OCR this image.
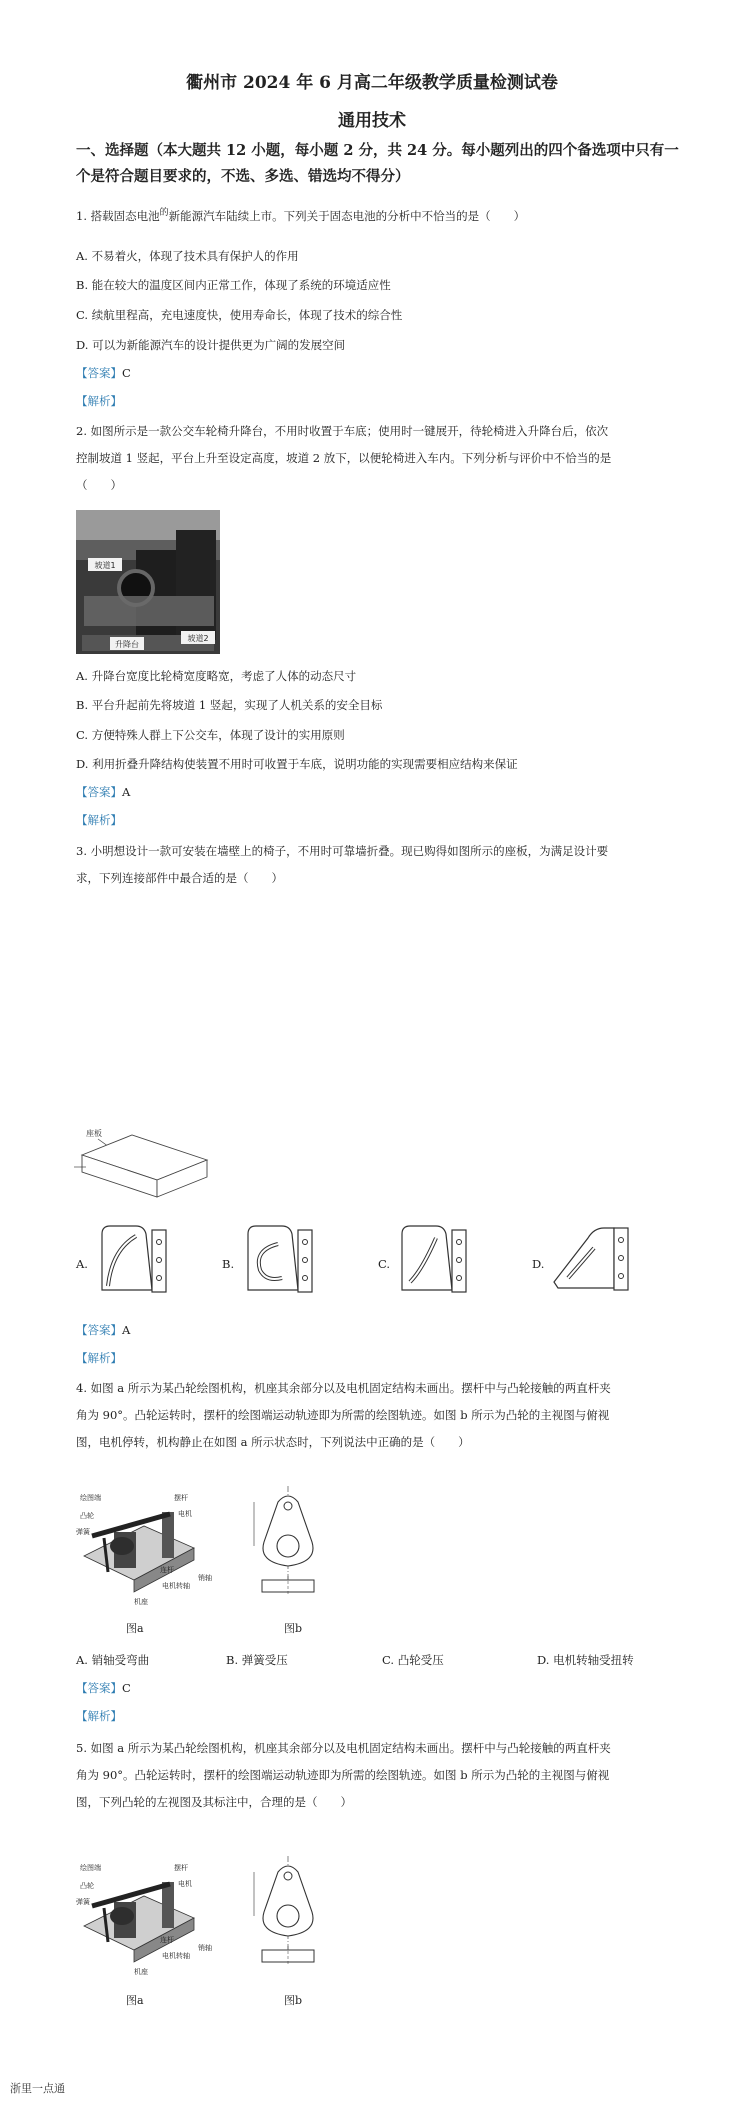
衢州市 2024 年 6 月高二年级教学质量检测试卷
通用技术
一、选择题（本大题共 12 小题，每小题 2 分，共 24 分。每小题列出的四个备选项中只有一
个是符合题目要求的，不选、多选、错选均不得分）
1. 搭载固态电池$^的$新能源汽车陆续上市。下列关于固态电池的分析中不恰当的是（　　）
A. 不易着火，体现了技术具有保护人的作用
B. 能在较大的温度区间内正常工作，体现了系统的环境适应性
C. 续航里程高，充电速度快，使用寿命长，体现了技术的综合性
D. 可以为新能源汽车的设计提供更为广阔的发展空间
【答案】C
【解析】
2. 如图所示是一款公交车轮椅升降台，不用时收置于车底；使用时一键展开，待轮椅进入升降台后，依次
控制坡道 1 竖起，平台上升至设定高度，坡道 2 放下，以便轮椅进入车内。下列分析与评价中不恰当的是
（　　）
坡道1
升降台
坡道2
A. 升降台宽度比轮椅宽度略宽，考虑了人体的动态尺寸
B. 平台升起前先将坡道 1 竖起，实现了人机关系的安全目标
C. 方便特殊人群上下公交车，体现了设计的实用原则
D. 利用折叠升降结构使装置不用时可收置于车底，说明功能的实现需要相应结构来保证
【答案】A
【解析】
3. 小明想设计一款可安装在墙壁上的椅子，不用时可靠墙折叠。现已购得如图所示的座板，为满足设计要
求，下列连接部件中最合适的是（　　）
座板
A.	B.	C.	D.
【答案】A
【解析】
4. 如图 a 所示为某凸轮绘图机构，机座其余部分以及电机固定结构未画出。摆杆中与凸轮接触的两直杆夹
角为 90°。凸轮运转时，摆杆的绘图端运动轨迹即为所需的绘图轨迹。如图 b 所示为凸轮的主视图与俯视
图，电机停转，机构静止在如图 a 所示状态时，下列说法中正确的是（　　）
绘图端	摆杆
凸轮	电机
弹簧
连杆
销轴
电机转轴
机座
图a	图b
A. 销轴受弯曲	B. 弹簧受压	C. 凸轮受压	D. 电机转轴受扭转
【答案】C
【解析】
5. 如图 a 所示为某凸轮绘图机构，机座其余部分以及电机固定结构未画出。摆杆中与凸轮接触的两直杆夹
角为 90°。凸轮运转时，摆杆的绘图端运动轨迹即为所需的绘图轨迹。如图 b 所示为凸轮的主视图与俯视
图，下列凸轮的左视图及其标注中，合理的是（　　）
绘图端	摆杆
凸轮	电机
弹簧
连杆
销轴
电机转轴
机座
图a	图b
浙里一点通
